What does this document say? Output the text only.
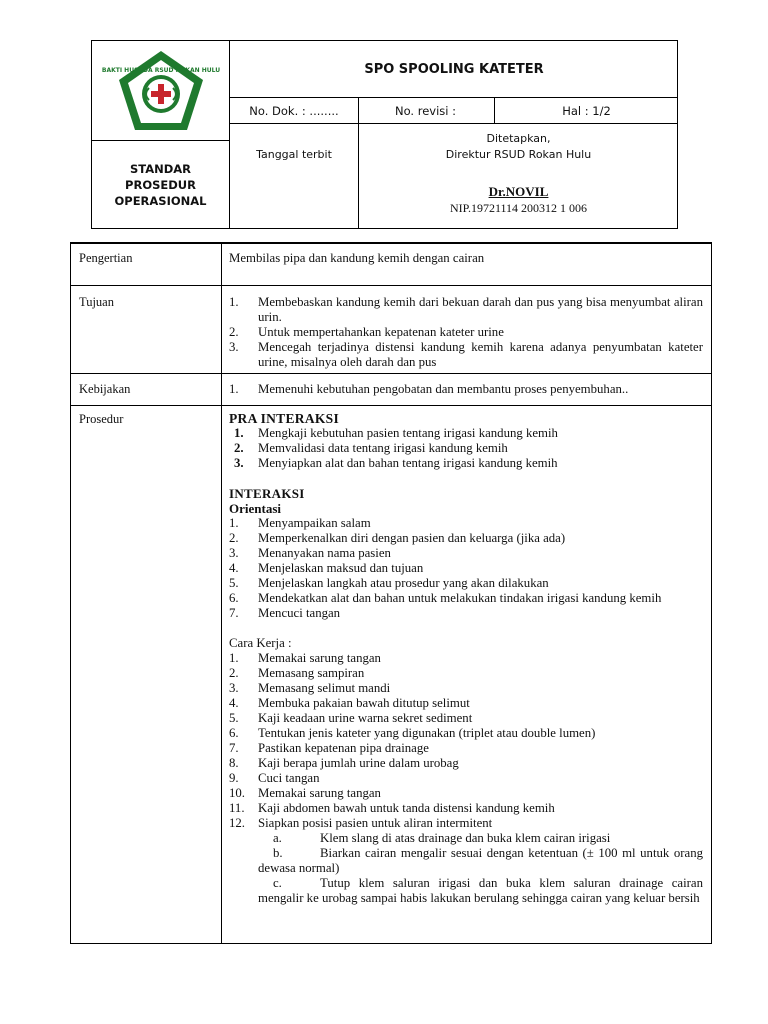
BAKTI HUSADA RSUD ROKAN HULU	SPO SPOOLING KATETER
No. Dok. : ........	No. revisi :	Hal : 1/2
STANDAR
PROSEDUR
OPERASIONAL
Tanggal terbit
Ditetapkan,
Direktur RSUD Rokan Hulu
Dr.NOVIL
NIP.19721114 200312 1 006
Pengertian	Membilas pipa dan kandung kemih dengan cairan
Tujuan	1. Membebaskan kandung kemih dari bekuan darah dan pus yang bisa menyumbat aliran urin.
2. Untuk mempertahankan kepatenan kateter urine
3. Mencegah terjadinya distensi kandung kemih karena adanya penyumbatan kateter urine, misalnya oleh darah dan pus
Kebijakan	1. Memenuhi kebutuhan pengobatan dan membantu proses penyembuhan..
Prosedur	PRA INTERAKSI
1. Mengkaji kebutuhan pasien tentang irigasi kandung kemih
2. Memvalidasi data tentang irigasi kandung kemih
3. Menyiapkan alat dan bahan tentang irigasi kandung kemih
INTERAKSI
Orientasi
1. Menyampaikan salam
2. Memperkenalkan diri dengan pasien dan keluarga (jika ada)
3. Menanyakan nama pasien
4. Menjelaskan maksud dan tujuan
5. Menjelaskan langkah atau prosedur yang akan dilakukan
6. Mendekatkan alat dan bahan untuk melakukan tindakan irigasi kandung kemih
7. Mencuci tangan
Cara Kerja :
1. Memakai sarung tangan
2. Memasang sampiran
3. Memasang selimut mandi
4. Membuka pakaian bawah ditutup selimut
5. Kaji keadaan urine warna sekret sediment
6. Tentukan jenis kateter yang digunakan (triplet atau double lumen)
7. Pastikan kepatenan pipa drainage
8. Kaji berapa jumlah urine dalam urobag
9. Cuci tangan
10. Memakai sarung tangan
11. Kaji abdomen bawah untuk tanda distensi kandung kemih
12. Siapkan posisi pasien untuk aliran intermitent
a.	Klem slang di atas drainage dan buka klem cairan irigasi
b.	Biarkan cairan mengalir sesuai dengan ketentuan (± 100 ml untuk orang dewasa normal)
c.	Tutup klem saluran irigasi dan buka klem saluran drainage cairan mengalir ke urobag sampai habis lakukan berulang sehingga cairan yang keluar bersih
